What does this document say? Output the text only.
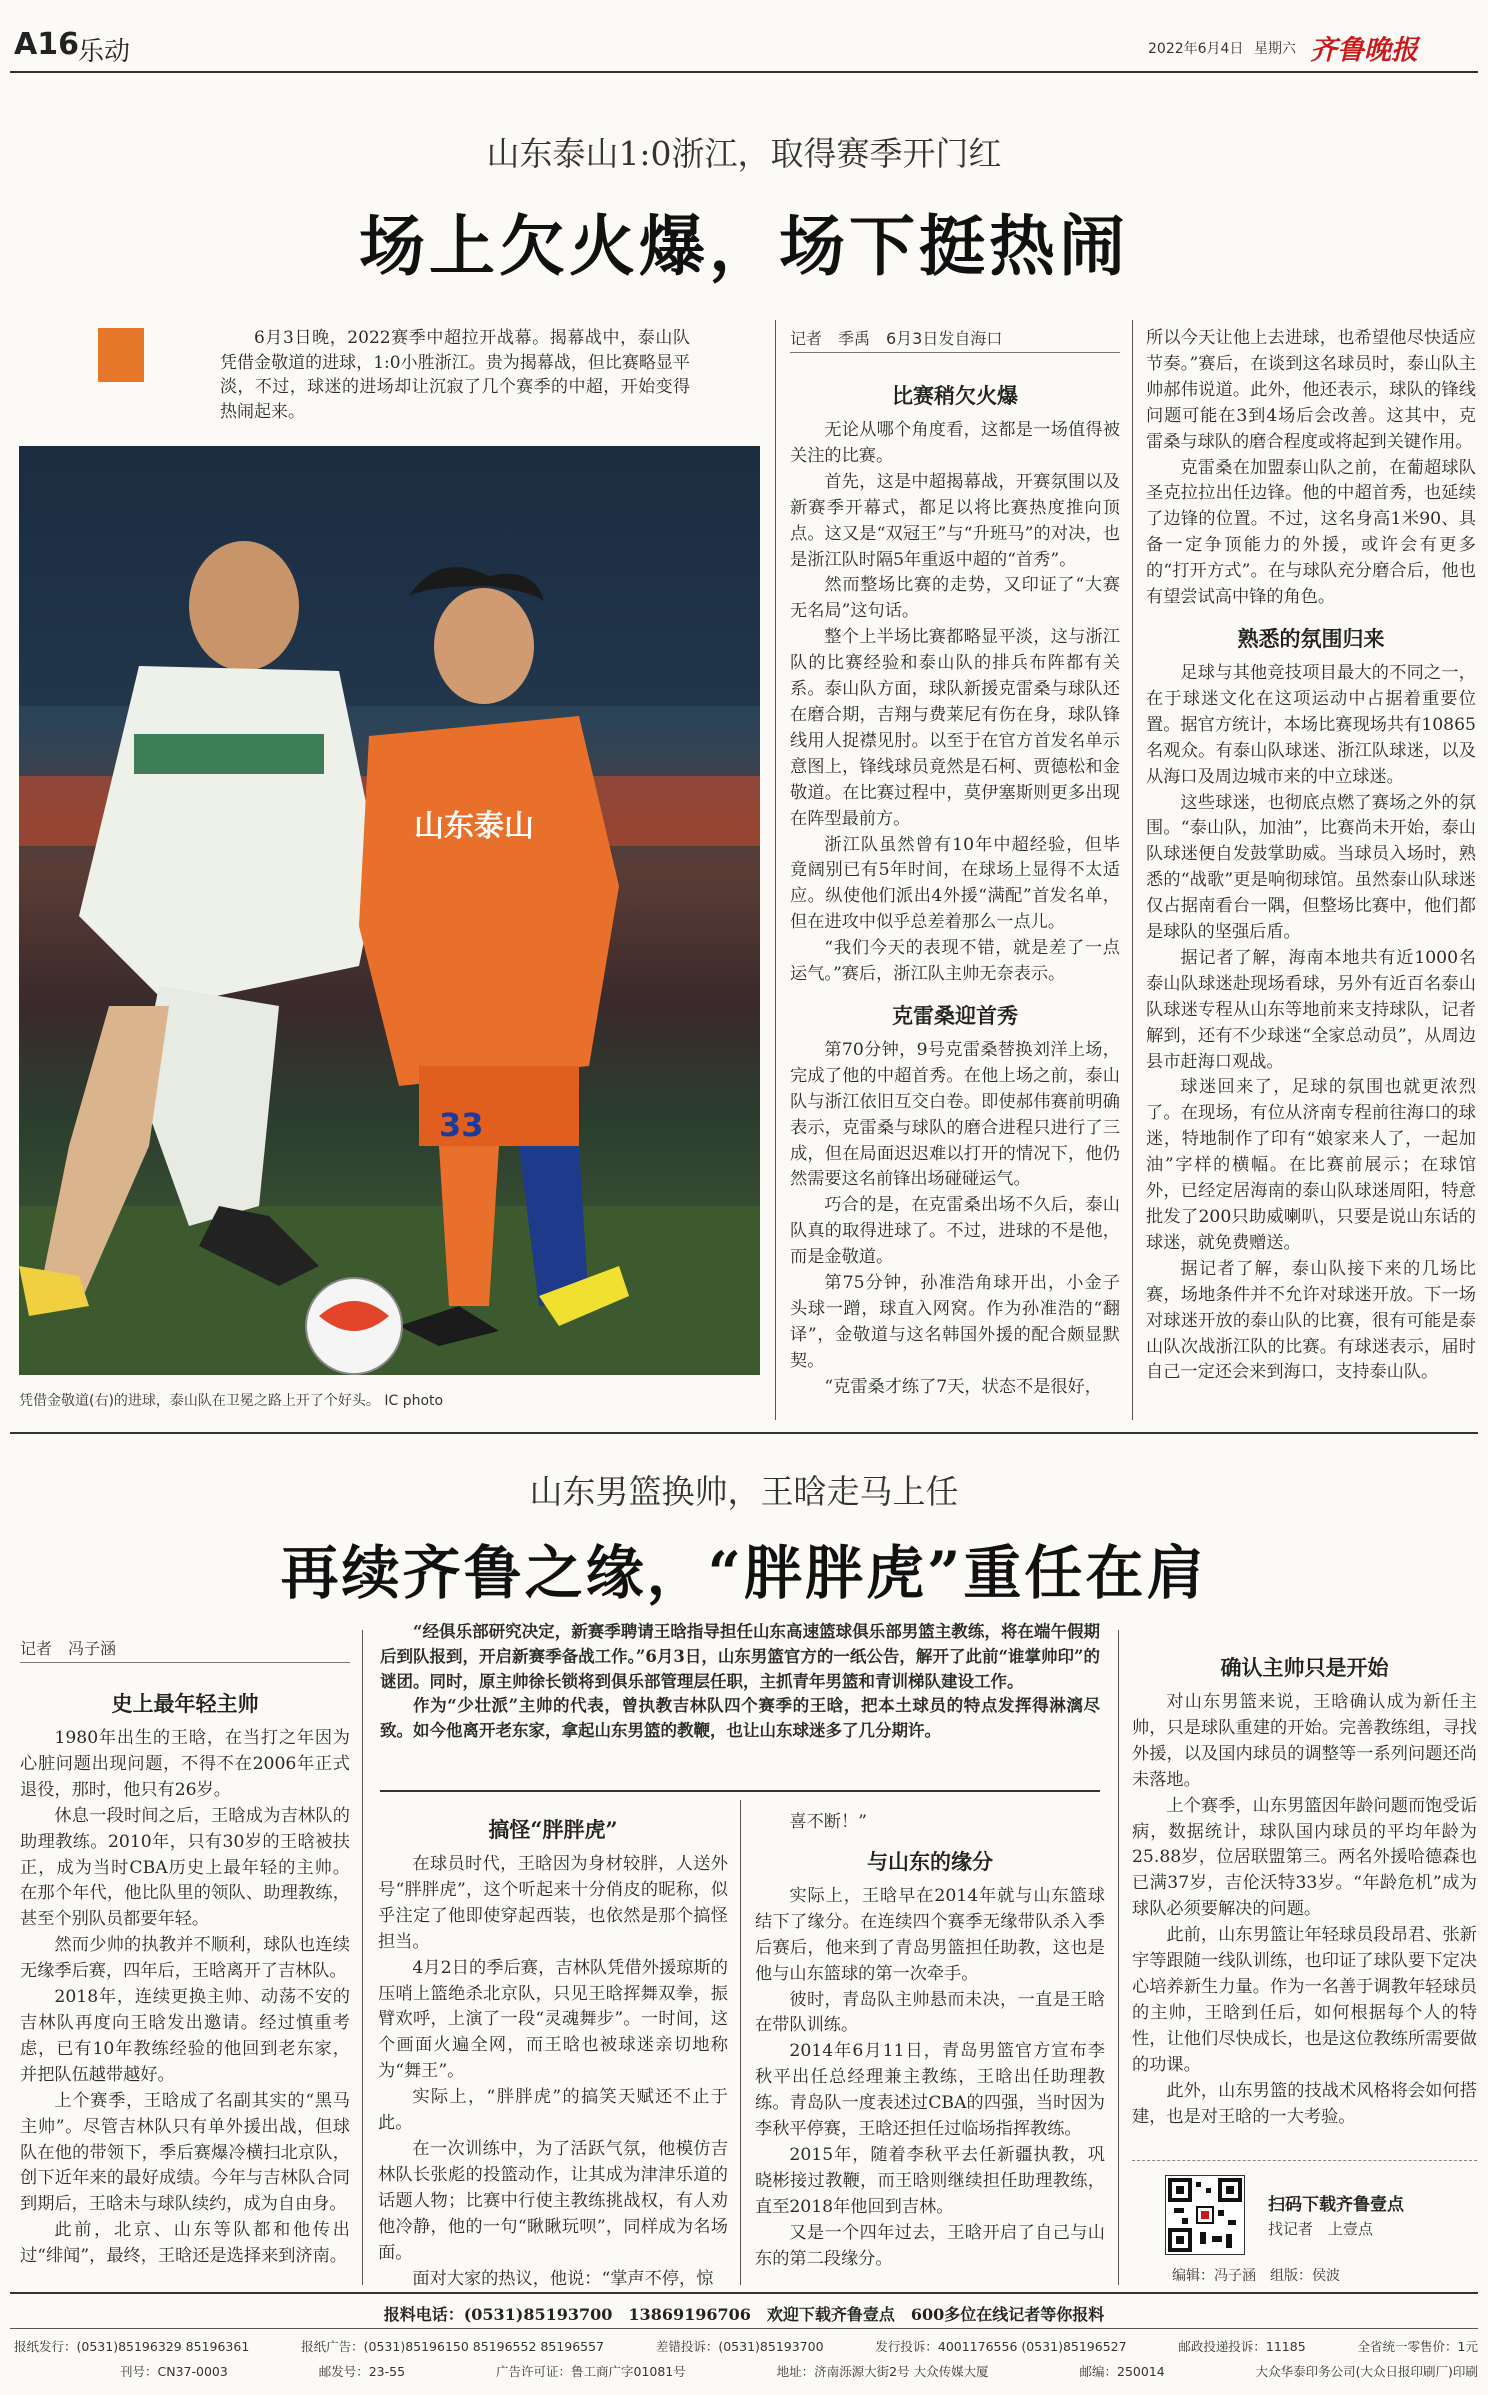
A16 乐动	2022年6月4日 星期六 齐鲁晚报
山东泰山1:0浙江，取得赛季开门红
场上欠火爆，场下挺热闹

6月3日晚，2022赛季中超拉开战幕。揭幕战中，泰山队凭借金敬道的进球，1:0小胜浙江。贵为揭幕战，但比赛略显平淡，不过，球迷的进场却让沉寂了几个赛季的中超，开始变得热闹起来。

山东泰山
33
凭借金敬道(右)的进球，泰山队在卫冕之路上开了个好头。 IC photo
记者　季禹　6月3日发自海口
比赛稍欠火爆

无论从哪个角度看，这都是一场值得被关注的比赛。

首先，这是中超揭幕战，开赛氛围以及新赛季开幕式，都足以将比赛热度推向顶点。这又是“双冠王”与“升班马”的对决，也是浙江队时隔5年重返中超的“首秀”。

然而整场比赛的走势，又印证了“大赛无名局”这句话。

整个上半场比赛都略显平淡，这与浙江队的比赛经验和泰山队的排兵布阵都有关系。泰山队方面，球队新援克雷桑与球队还在磨合期，吉翔与费莱尼有伤在身，球队锋线用人捉襟见肘。以至于在官方首发名单示意图上，锋线球员竟然是石柯、贾德松和金敬道。在比赛过程中，莫伊塞斯则更多出现在阵型最前方。

浙江队虽然曾有10年中超经验，但毕竟阔别已有5年时间，在球场上显得不太适应。纵使他们派出4外援“满配”首发名单，但在进攻中似乎总差着那么一点儿。

“我们今天的表现不错，就是差了一点运气。”赛后，浙江队主帅无奈表示。

克雷桑迎首秀

第70分钟，9号克雷桑替换刘洋上场，完成了他的中超首秀。在他上场之前，泰山队与浙江依旧互交白卷。即使郝伟赛前明确表示，克雷桑与球队的磨合进程只进行了三成，但在局面迟迟难以打开的情况下，他仍然需要这名前锋出场碰碰运气。

巧合的是，在克雷桑出场不久后，泰山队真的取得进球了。不过，进球的不是他，而是金敬道。

第75分钟，孙准浩角球开出，小金子头球一蹭，球直入网窝。作为孙准浩的“翻译”，金敬道与这名韩国外援的配合颇显默契。

“克雷桑才练了7天，状态不是很好，

所以今天让他上去进球，也希望他尽快适应节奏。”赛后，在谈到这名球员时，泰山队主帅郝伟说道。此外，他还表示，球队的锋线问题可能在3到4场后会改善。这其中，克雷桑与球队的磨合程度或将起到关键作用。

克雷桑在加盟泰山队之前，在葡超球队圣克拉拉出任边锋。他的中超首秀，也延续了边锋的位置。不过，这名身高1米90、具备一定争顶能力的外援，或许会有更多的“打开方式”。在与球队充分磨合后，他也有望尝试高中锋的角色。

熟悉的氛围归来

足球与其他竞技项目最大的不同之一，在于球迷文化在这项运动中占据着重要位置。据官方统计，本场比赛现场共有10865名观众。有泰山队球迷、浙江队球迷，以及从海口及周边城市来的中立球迷。

这些球迷，也彻底点燃了赛场之外的氛围。“泰山队，加油”，比赛尚未开始，泰山队球迷便自发鼓掌助威。当球员入场时，熟悉的“战歌”更是响彻球馆。虽然泰山队球迷仅占据南看台一隅，但整场比赛中，他们都是球队的坚强后盾。

据记者了解，海南本地共有近1000名泰山队球迷赴现场看球，另外有近百名泰山队球迷专程从山东等地前来支持球队，记者解到，还有不少球迷“全家总动员”，从周边县市赶海口观战。

球迷回来了，足球的氛围也就更浓烈了。在现场，有位从济南专程前往海口的球迷，特地制作了印有“娘家来人了，一起加油”字样的横幅。在比赛前展示；在球馆外，已经定居海南的泰山队球迷周阳，特意批发了200只助威喇叭，只要是说山东话的球迷，就免费赠送。

据记者了解，泰山队接下来的几场比赛，场地条件并不允许对球迷开放。下一场对球迷开放的泰山队的比赛，很有可能是泰山队次战浙江队的比赛。有球迷表示，届时自己一定还会来到海口，支持泰山队。

山东男篮换帅，王晗走马上任
再续齐鲁之缘，“胖胖虎”重任在肩
记者　冯子涵

“经俱乐部研究决定，新赛季聘请王晗指导担任山东高速篮球俱乐部男篮主教练，将在端午假期后到队报到，开启新赛季备战工作。”6月3日，山东男篮官方的一纸公告，解开了此前“谁掌帅印”的谜团。同时，原主帅徐长锁将到俱乐部管理层任职，主抓青年男篮和青训梯队建设工作。

作为“少壮派”主帅的代表，曾执教吉林队四个赛季的王晗，把本土球员的特点发挥得淋漓尽致。如今他离开老东家，拿起山东男篮的教鞭，也让山东球迷多了几分期许。

史上最年轻主帅

1980年出生的王晗，在当打之年因为心脏问题出现问题，不得不在2006年正式退役，那时，他只有26岁。

休息一段时间之后，王晗成为吉林队的助理教练。2010年，只有30岁的王晗被扶正，成为当时CBA历史上最年轻的主帅。在那个年代，他比队里的领队、助理教练，甚至个别队员都要年轻。

然而少帅的执教并不顺利，球队也连续无缘季后赛，四年后，王晗离开了吉林队。

2018年，连续更换主帅、动荡不安的吉林队再度向王晗发出邀请。经过慎重考虑，已有10年教练经验的他回到老东家，并把队伍越带越好。

上个赛季，王晗成了名副其实的“黑马主帅”。尽管吉林队只有单外援出战，但球队在他的带领下，季后赛爆冷横扫北京队，创下近年来的最好成绩。今年与吉林队合同到期后，王晗未与球队续约，成为自由身。

此前，北京、山东等队都和他传出过“绯闻”，最终，王晗还是选择来到济南。

搞怪“胖胖虎”

在球员时代，王晗因为身材较胖，人送外号“胖胖虎”，这个听起来十分俏皮的昵称，似乎注定了他即使穿起西装，也依然是那个搞怪担当。

4月2日的季后赛，吉林队凭借外援琼斯的压哨上篮绝杀北京队，只见王晗挥舞双拳，振臂欢呼，上演了一段“灵魂舞步”。一时间，这个画面火遍全网，而王晗也被球迷亲切地称为“舞王”。

实际上，“胖胖虎”的搞笑天赋还不止于此。

在一次训练中，为了活跃气氛，他模仿吉林队长张彪的投篮动作，让其成为津津乐道的话题人物；比赛中行使主教练挑战权，有人劝他冷静，他的一句“瞅瞅玩呗”，同样成为名场面。

面对大家的热议，他说：“掌声不停，惊

喜不断！”

与山东的缘分

实际上，王晗早在2014年就与山东篮球结下了缘分。在连续四个赛季无缘带队杀入季后赛后，他来到了青岛男篮担任助教，这也是他与山东篮球的第一次牵手。

彼时，青岛队主帅悬而未决，一直是王晗在带队训练。

2014年6月11日，青岛男篮官方宣布李秋平出任总经理兼主教练，王晗出任助理教练。青岛队一度表述过CBA的四强，当时因为李秋平停赛，王晗还担任过临场指挥教练。

2015年，随着李秋平去任新疆执教，巩晓彬接过教鞭，而王晗则继续担任助理教练，直至2018年他回到吉林。

又是一个四年过去，王晗开启了自己与山东的第二段缘分。

确认主帅只是开始

对山东男篮来说，王晗确认成为新任主帅，只是球队重建的开始。完善教练组，寻找外援，以及国内球员的调整等一系列问题还尚未落地。

上个赛季，山东男篮因年龄问题而饱受诟病，数据统计，球队国内球员的平均年龄为25.88岁，位居联盟第三。两名外援哈德森也已满37岁，吉伦沃特33岁。“年龄危机”成为球队必须要解决的问题。

此前，山东男篮让年轻球员段昂君、张新宇等跟随一线队训练，也印证了球队要下定决心培养新生力量。作为一名善于调教年轻球员的主帅，王晗到任后，如何根据每个人的特性，让他们尽快成长，也是这位教练所需要做的功课。

此外，山东男篮的技战术风格将会如何搭建，也是对王晗的一大考验。

扫码下载齐鲁壹点
找记者　上壹点
编辑：冯子涵　组版：侯波
报料电话：(0531)85193700　13869196706　欢迎下载齐鲁壹点　600多位在线记者等你报料
报纸发行：(0531)85196329 85196361	报纸广告：(0531)85196150 85196552 85196557	差错投诉：(0531)85193700	发行投诉：4001176556 (0531)85196527	邮政投递投诉：11185	全省统一零售价：1元
刊号：CN37-0003	邮发号：23-55	广告许可证：鲁工商广字01081号	地址：济南泺源大街2号 大众传媒大厦	邮编：250014	大众华泰印务公司(大众日报印刷厂)印刷
